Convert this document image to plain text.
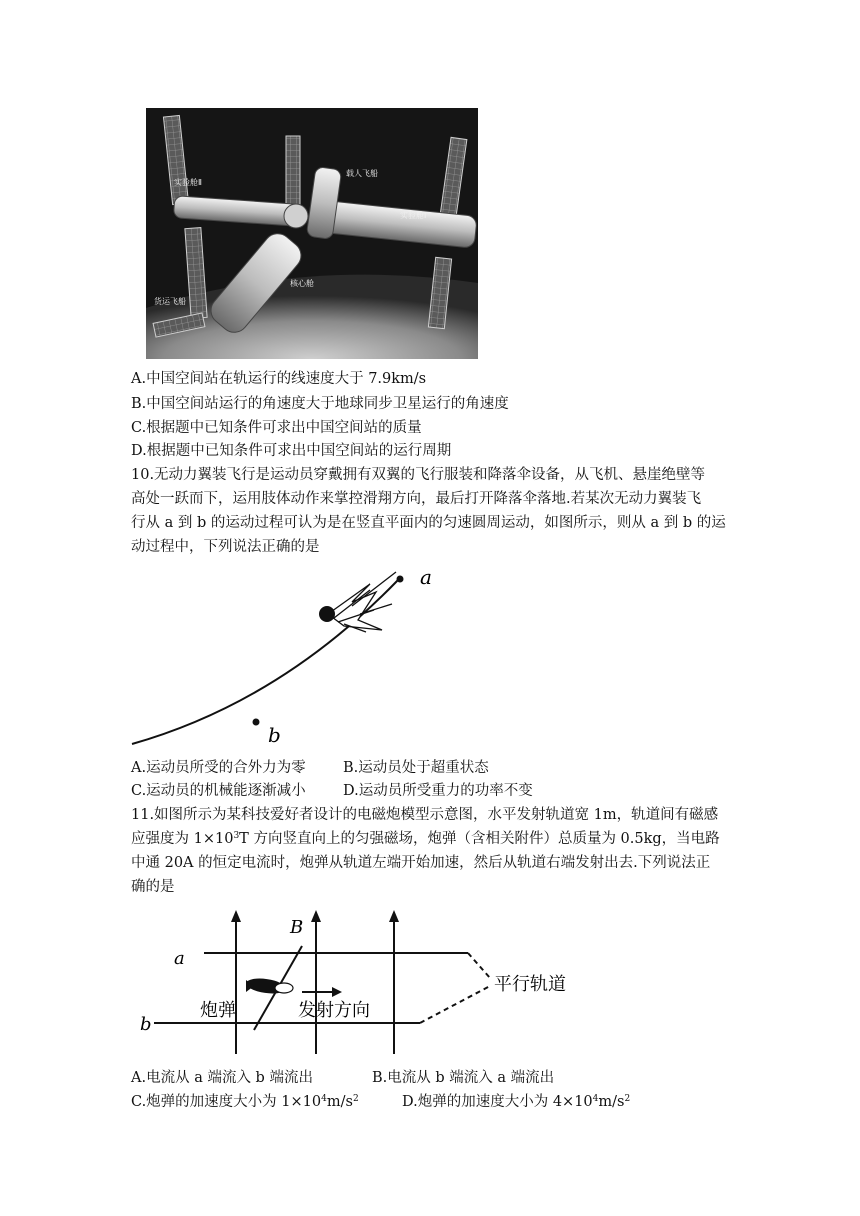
实验舱Ⅱ
载人飞船
实验舱Ⅰ
核心舱
货运飞船
A.中国空间站在轨运行的线速度大于 7.9km/s
B.中国空间站运行的角速度大于地球同步卫星运行的角速度
C.根据题中已知条件可求出中国空间站的质量
D.根据题中已知条件可求出中国空间站的运行周期
10.无动力翼装飞行是运动员穿戴拥有双翼的飞行服装和降落伞设备，从飞机、悬崖绝壁等
高处一跃而下，运用肢体动作来掌控滑翔方向，最后打开降落伞落地.若某次无动力翼装飞
行从 a 到 b 的运动过程可认为是在竖直平面内的匀速圆周运动，如图所示，则从 a 到 b 的运
动过程中，下列说法正确的是
a
b
A.运动员所受的合外力为零	B.运动员处于超重状态
C.运动员的机械能逐渐减小	D.运动员所受重力的功率不变
11.如图所示为某科技爱好者设计的电磁炮模型示意图，水平发射轨道宽 1m，轨道间有磁感
应强度为 $1\times 10^3T$ 方向竖直向上的匀强磁场，炮弹（含相关附件）总质量为 0.5kg，当电路
中通 20A 的恒定电流时，炮弹从轨道左端开始加速，然后从轨道右端发射出去.下列说法正
确的是
a
b
B
炮弹	发射方向
平行轨道
A.电流从 a 端流入 b 端流出	B.电流从 b 端流入 a 端流出
C.炮弹的加速度大小为 $1\times 10^4m/s^2$	D.炮弹的加速度大小为 $4\times 10^4m/s^2$
